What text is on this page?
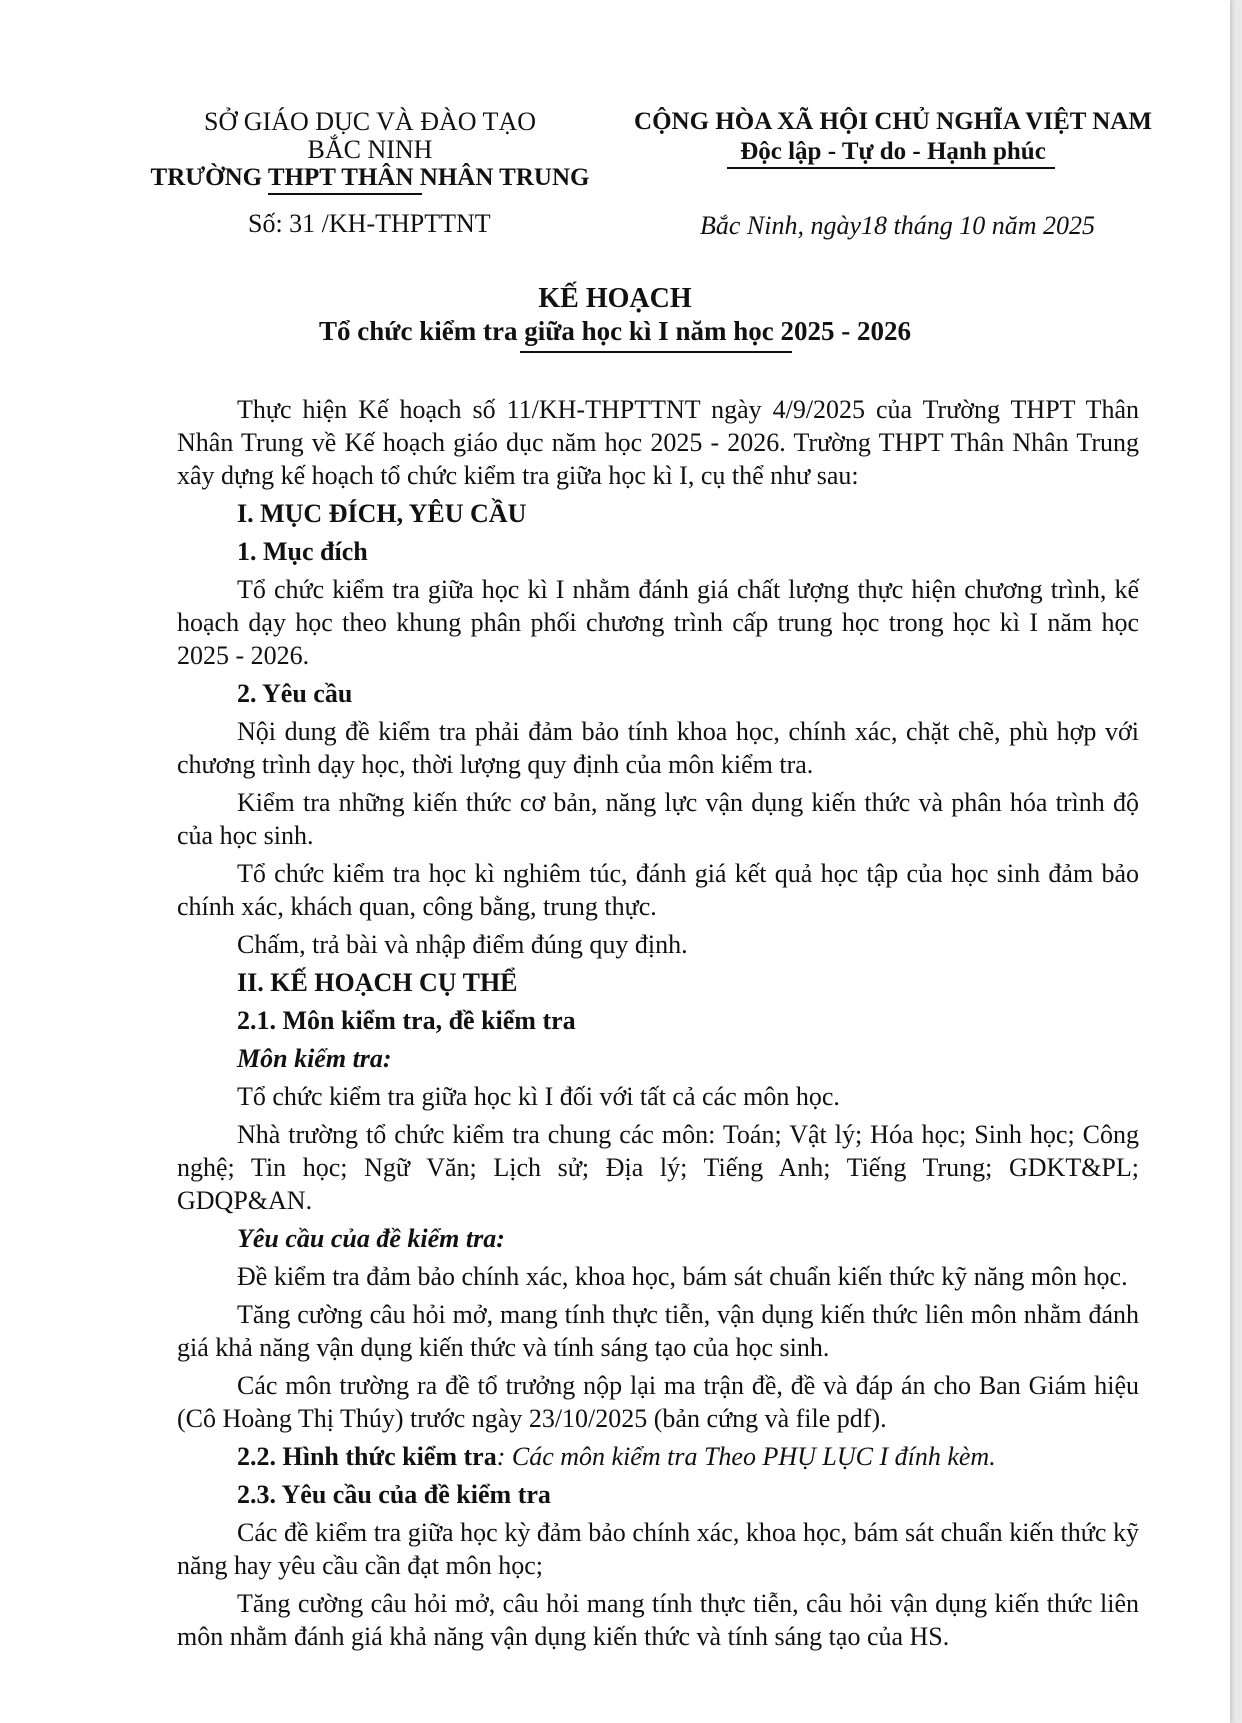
SỞ GIÁO DỤC VÀ ĐÀO TẠO
BẮC NINH
TRƯỜNG THPT THÂN NHÂN TRUNG
Số: 31 /KH-THPTTNT
CỘNG HÒA XÃ HỘI CHỦ NGHĨA VIỆT NAM
Độc lập - Tự do - Hạnh phúc
Bắc Ninh, ngày18 tháng 10 năm 2025
KẾ HOẠCH
Tổ chức kiểm tra giữa học kì I năm học 2025 - 2026

Thực hiện Kế hoạch số 11/KH-THPTTNT ngày 4/9/2025 của Trường THPT Thân Nhân Trung về Kế hoạch giáo dục năm học 2025 - 2026. Trường THPT Thân Nhân Trung xây dựng kế hoạch tổ chức kiểm tra giữa học kì I, cụ thể như sau:

I. MỤC ĐÍCH, YÊU CẦU

1. Mục đích

Tổ chức kiểm tra giữa học kì I nhằm đánh giá chất lượng thực hiện chương trình, kế hoạch dạy học theo khung phân phối chương trình cấp trung học trong học kì I năm học 2025 - 2026.

2. Yêu cầu

Nội dung đề kiểm tra phải đảm bảo tính khoa học, chính xác, chặt chẽ, phù hợp với chương trình dạy học, thời lượng quy định của môn kiểm tra.

Kiểm tra những kiến thức cơ bản, năng lực vận dụng kiến thức và phân hóa trình độ của học sinh.

Tổ chức kiểm tra học kì nghiêm túc, đánh giá kết quả học tập của học sinh đảm bảo chính xác, khách quan, công bằng, trung thực.

Chấm, trả bài và nhập điểm đúng quy định.

II. KẾ HOẠCH CỤ THỂ

2.1. Môn kiểm tra, đề kiểm tra

Môn kiểm tra:

Tổ chức kiểm tra giữa học kì I đối với tất cả các môn học.

Nhà trường tổ chức kiểm tra chung các môn: Toán; Vật lý; Hóa học; Sinh học; Công nghệ; Tin học; Ngữ Văn; Lịch sử; Địa lý; Tiếng Anh; Tiếng Trung; GDKT&PL; GDQP&AN.

Yêu cầu của đề kiểm tra:

Đề kiểm tra đảm bảo chính xác, khoa học, bám sát chuẩn kiến thức kỹ năng môn học.

Tăng cường câu hỏi mở, mang tính thực tiễn, vận dụng kiến thức liên môn nhằm đánh giá khả năng vận dụng kiến thức và tính sáng tạo của học sinh.

Các môn trường ra đề tổ trưởng nộp lại ma trận đề, đề và đáp án cho Ban Giám hiệu (Cô Hoàng Thị Thúy) trước ngày 23/10/2025 (bản cứng và file pdf).

2.2. Hình thức kiểm tra: Các môn kiểm tra Theo PHỤ LỤC I đính kèm.

2.3. Yêu cầu của đề kiểm tra

Các đề kiểm tra giữa học kỳ đảm bảo chính xác, khoa học, bám sát chuẩn kiến thức kỹ năng hay yêu cầu cần đạt môn học;

Tăng cường câu hỏi mở, câu hỏi mang tính thực tiễn, câu hỏi vận dụng kiến thức liên môn nhằm đánh giá khả năng vận dụng kiến thức và tính sáng tạo của HS.
